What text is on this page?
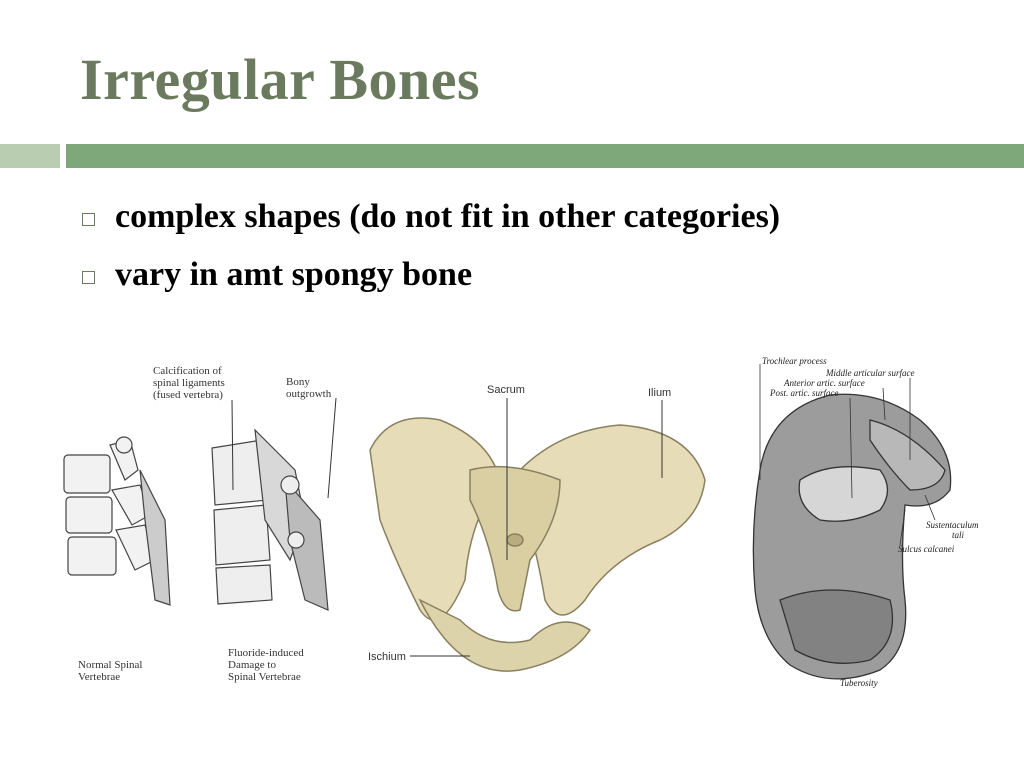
Irregular Bones
complex shapes (do not fit in other categories)
vary in amt spongy bone
Calcification of
spinal ligaments
(fused vertebra)
Bony
outgrowth
Normal Spinal
Vertebrae
Fluoride-induced
Damage to
Spinal Vertebrae
Sacrum	Ilium
Ischium
Trochlear process
Middle articular surface
Anterior artic. surface
Post. artic. surface
Sustentaculum
tali
Sulcus calcanei
Tuberosity
